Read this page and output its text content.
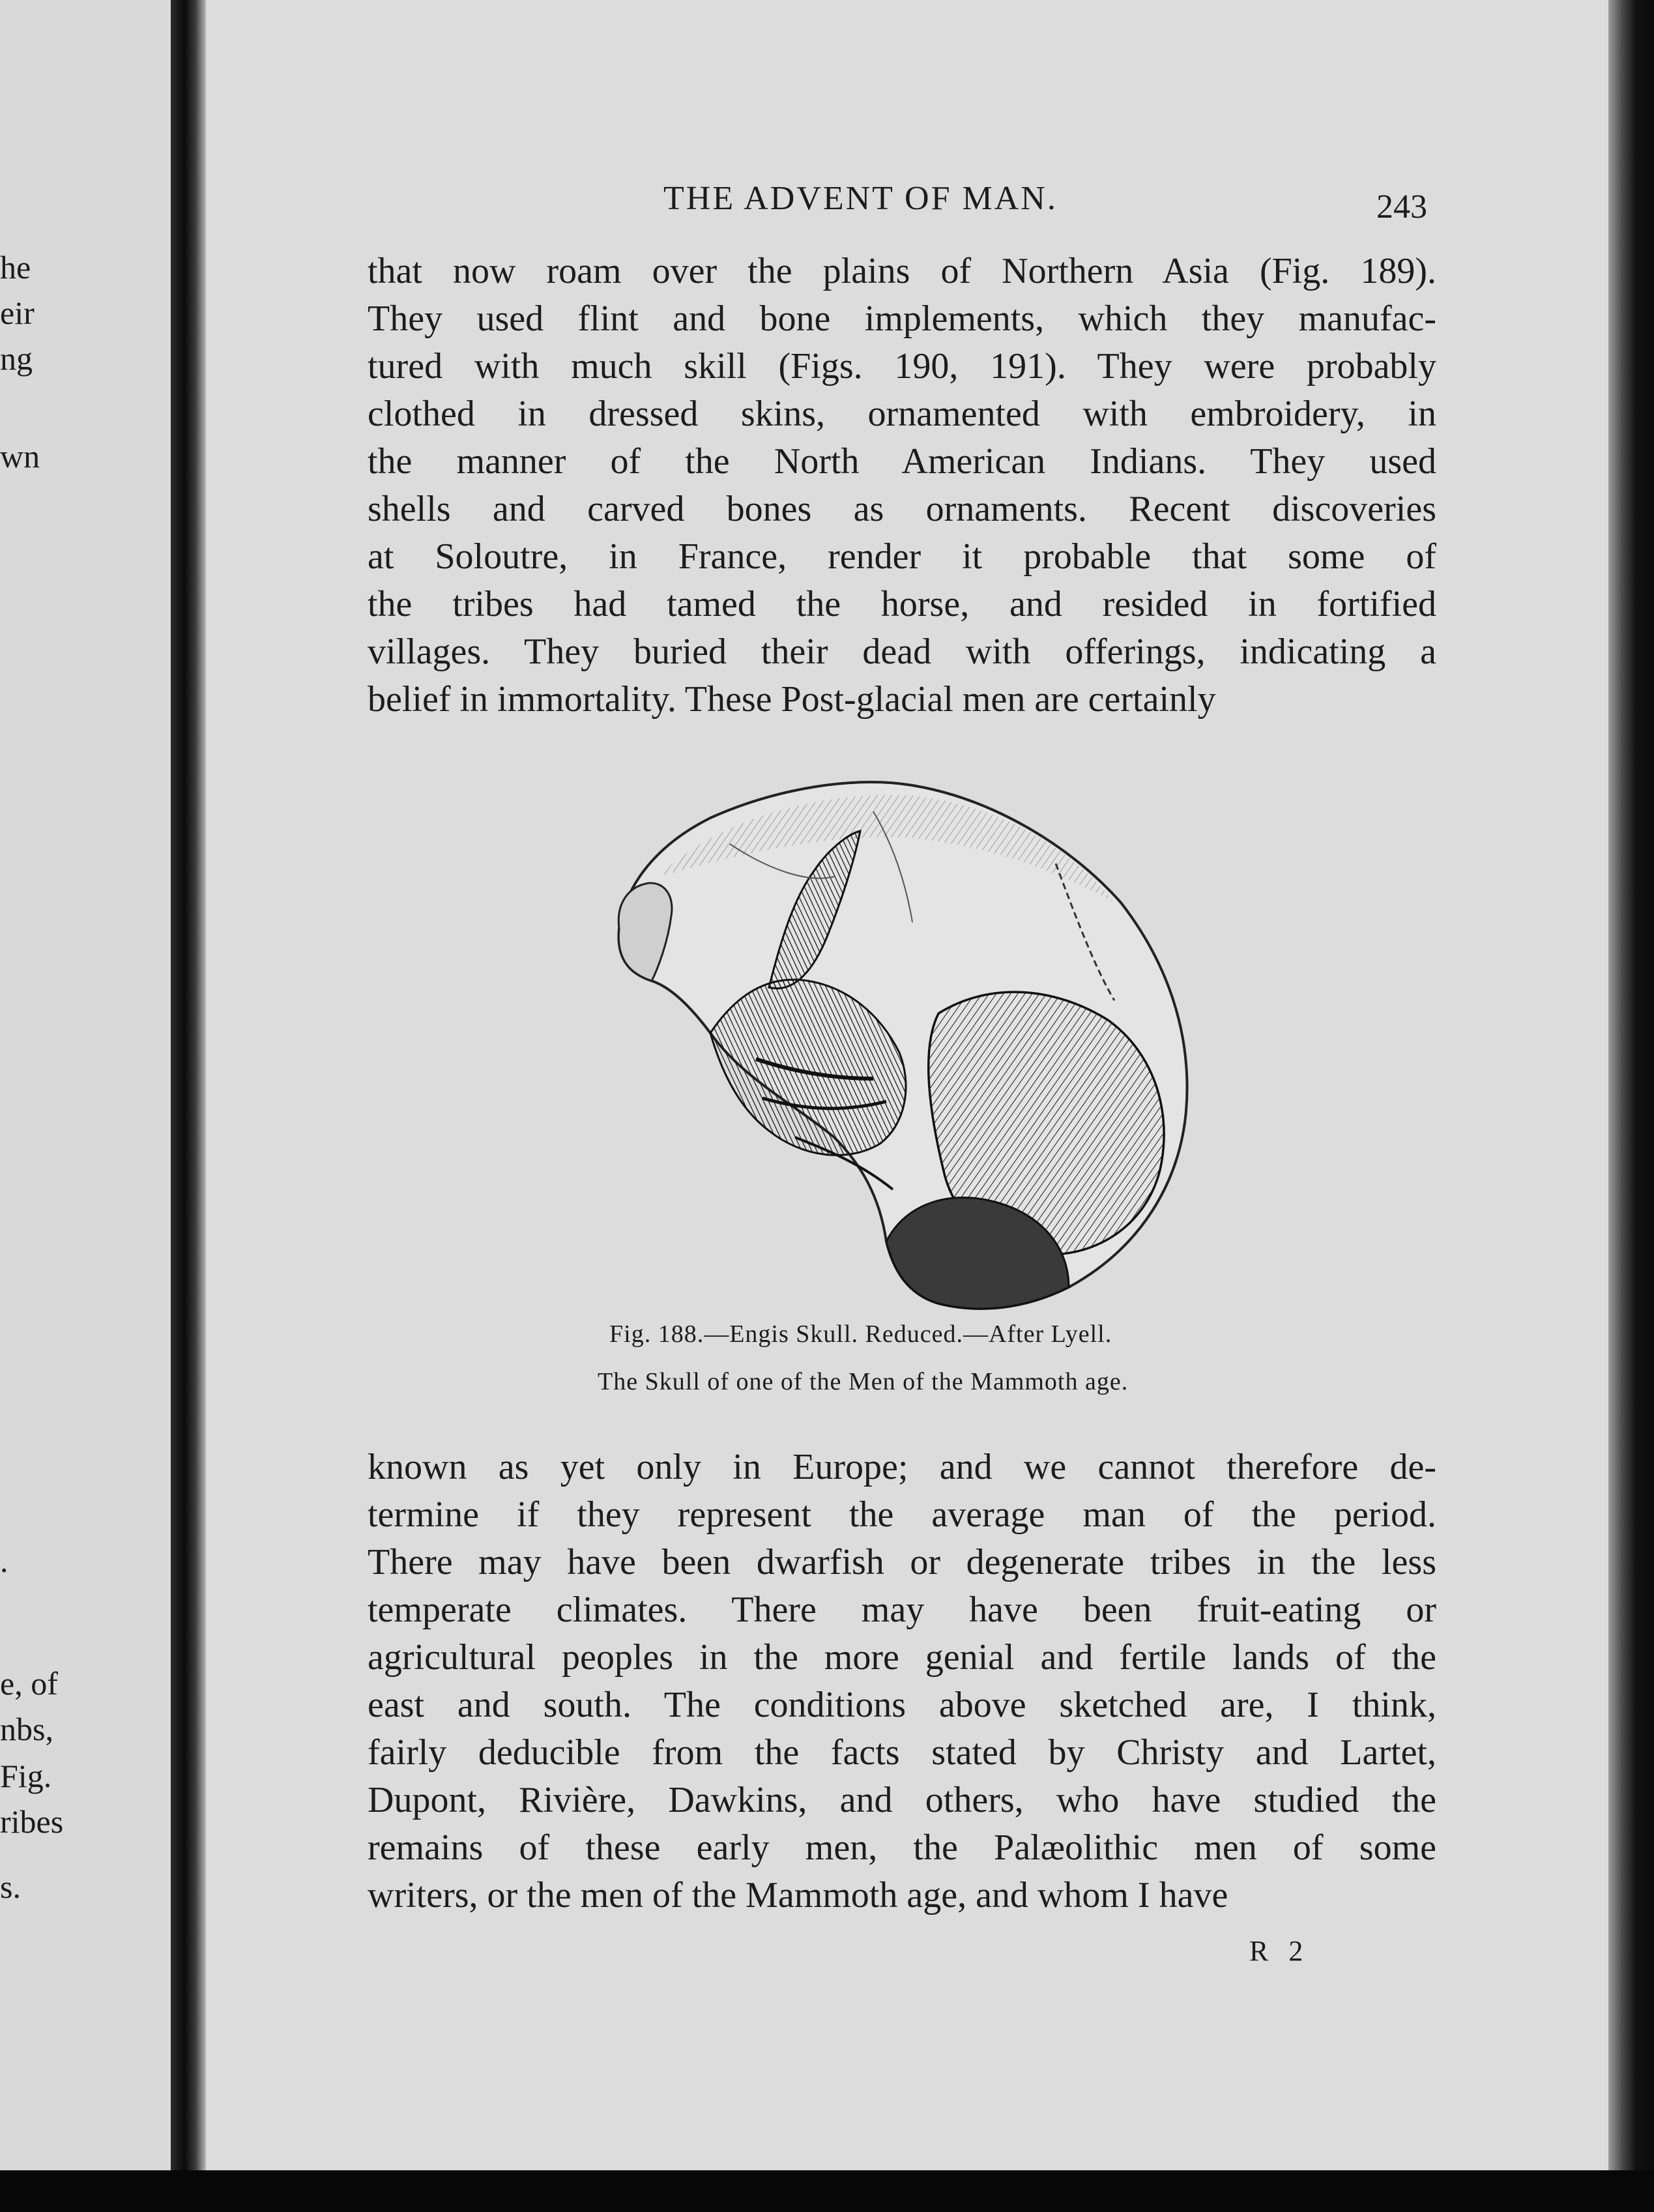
he
eir
ng
wn
.
e, of
nbs,
Fig.
ribes
s.
THE ADVENT OF MAN.	243
that now roam over the plains of Northern Asia (Fig. 189).
They used flint and bone implements, which they manufac-
tured with much skill (Figs. 190, 191). They were probably
clothed in dressed skins, ornamented with embroidery, in
the manner of the North American Indians. They used
shells and carved bones as ornaments. Recent discoveries
at Soloutre, in France, render it probable that some of
the tribes had tamed the horse, and resided in fortified
villages. They buried their dead with offerings, indicating a
belief in immortality. These Post-glacial men are certainly
Fig. 188.—Engis Skull. Reduced.—After Lyell.
The Skull of one of the Men of the Mammoth age.
known as yet only in Europe; and we cannot therefore de-
termine if they represent the average man of the period.
There may have been dwarfish or degenerate tribes in the less
temperate climates. There may have been fruit-eating or
agricultural peoples in the more genial and fertile lands of the
east and south. The conditions above sketched are, I think,
fairly deducible from the facts stated by Christy and Lartet,
Dupont, Rivière, Dawkins, and others, who have studied the
remains of these early men, the Palæolithic men of some
writers, or the men of the Mammoth age, and whom I have
R 2
